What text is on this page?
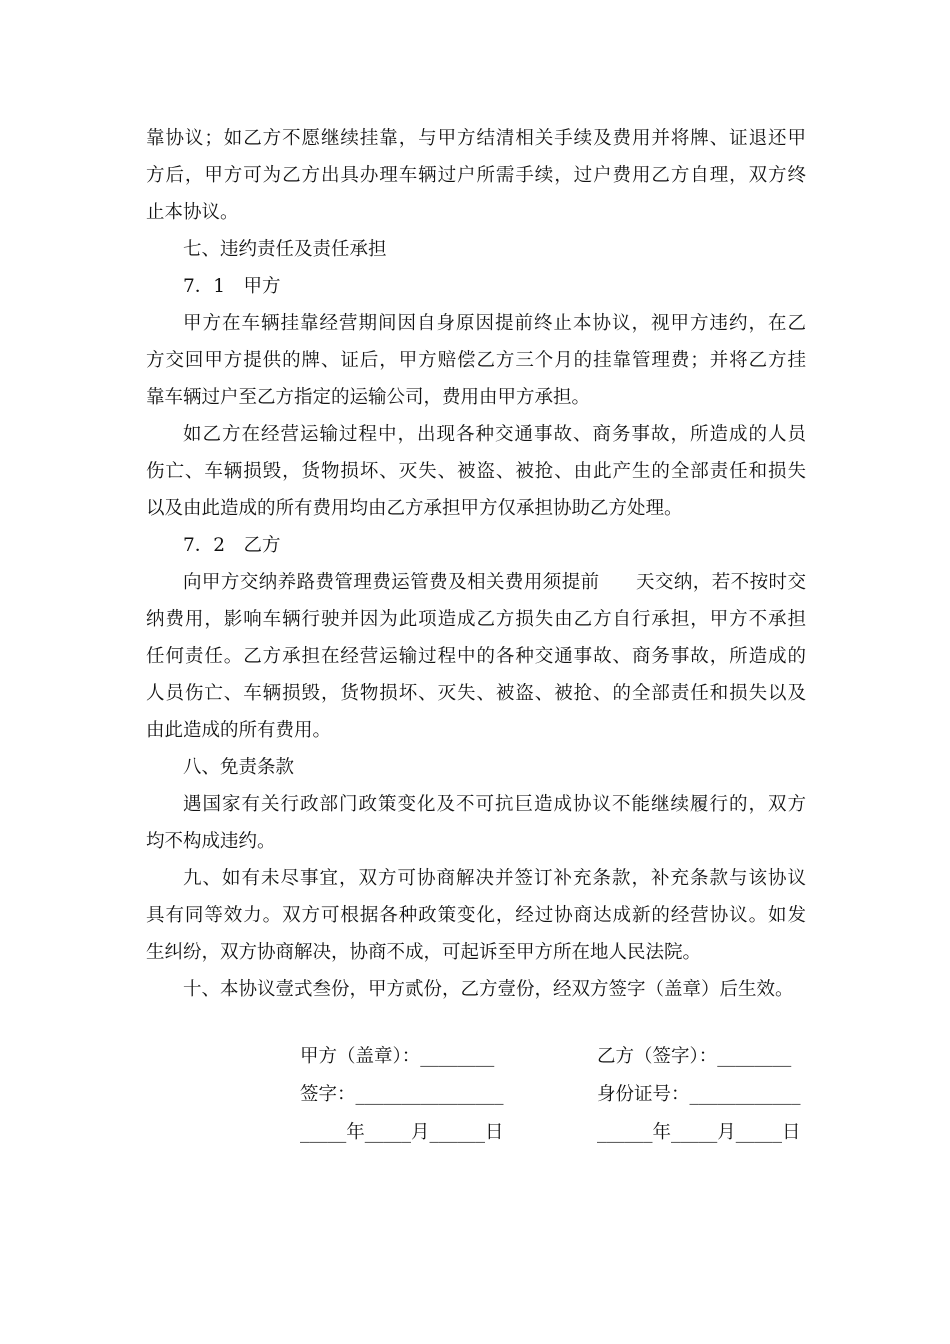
靠协议；如乙方不愿继续挂靠，与甲方结清相关手续及费用并将牌、证退还甲
方后，甲方可为乙方出具办理车辆过户所需手续，过户费用乙方自理，双方终
止本协议。
七、违约责任及责任承担
7．1　甲方
甲方在车辆挂靠经营期间因自身原因提前终止本协议，视甲方违约，在乙
方交回甲方提供的牌、证后，甲方赔偿乙方三个月的挂靠管理费；并将乙方挂
靠车辆过户至乙方指定的运输公司，费用由甲方承担。
如乙方在经营运输过程中，出现各种交通事故、商务事故，所造成的人员
伤亡、车辆损毁，货物损坏、灭失、被盗、被抢、由此产生的全部责任和损失
以及由此造成的所有费用均由乙方承担甲方仅承担协助乙方处理。
7．2　乙方
向甲方交纳养路费管理费运管费及相关费用须提前 天交纳，若不按时交
纳费用，影响车辆行驶并因为此项造成乙方损失由乙方自行承担，甲方不承担
任何责任。乙方承担在经营运输过程中的各种交通事故、商务事故，所造成的
人员伤亡、车辆损毁，货物损坏、灭失、被盗、被抢、的全部责任和损失以及
由此造成的所有费用。
八、免责条款
遇国家有关行政部门政策变化及不可抗巨造成协议不能继续履行的，双方
均不构成违约。
九、如有未尽事宜，双方可协商解决并签订补充条款，补充条款与该协议
具有同等效力。双方可根据各种政策变化，经过协商达成新的经营协议。如发
生纠纷，双方协商解决，协商不成，可起诉至甲方所在地人民法院。
十、本协议壹式叁份，甲方贰份，乙方壹份，经双方签字（盖章）后生效。
甲方（盖章）：________
签字：________________
_____年_____月______日
乙方（签字）：________
身份证号：____________
______年_____月_____日
